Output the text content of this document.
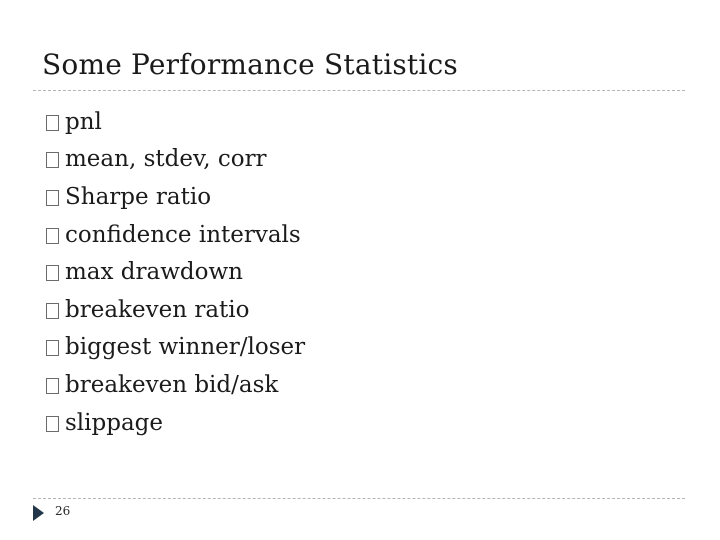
Some Performance Statistics
pnl
mean, stdev, corr
Sharpe ratio
confidence intervals
max drawdown
breakeven ratio
biggest winner/loser
breakeven bid/ask
slippage
26
